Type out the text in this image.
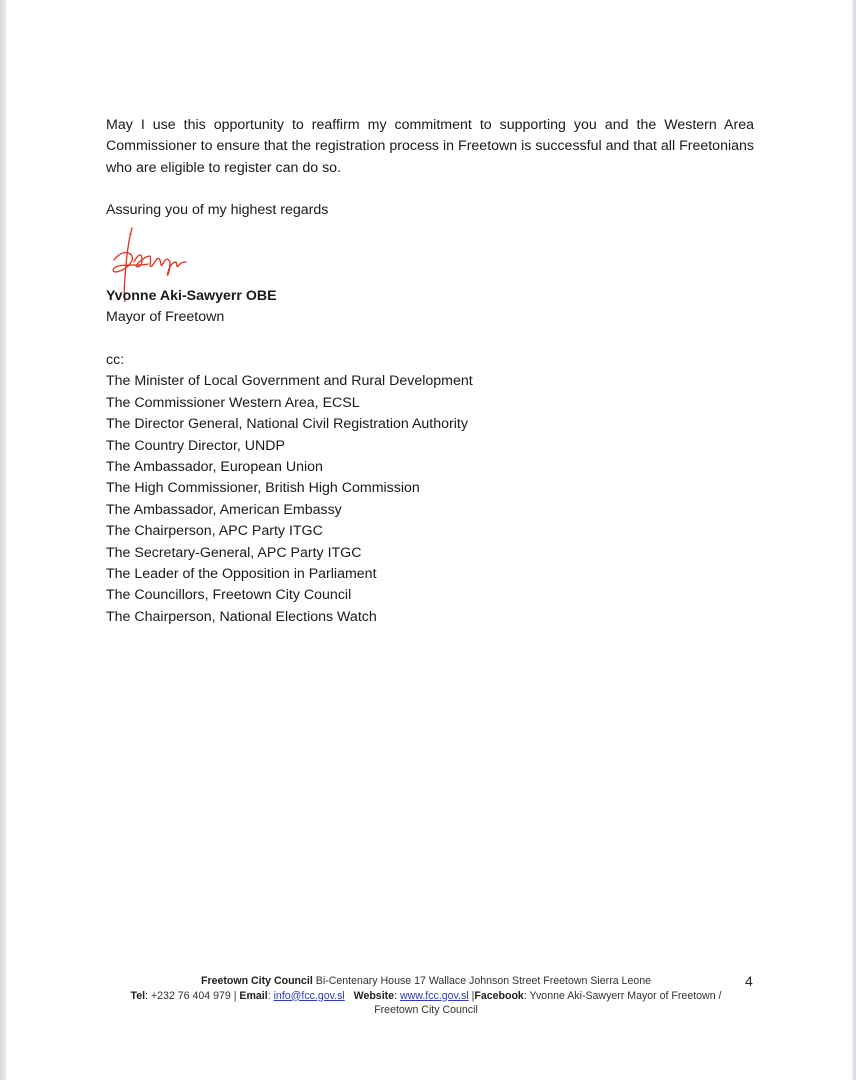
May I use this opportunity to reaffirm my commitment to supporting you and the Western Area Commissioner to ensure that the registration process in Freetown is successful and that all Freetonians who are eligible to register can do so.

Assuring you of my highest regards
Yvonne Aki-Sawyerr OBE
Mayor of Freetown
cc:
The Minister of Local Government and Rural Development
The Commissioner Western Area, ECSL
The Director General, National Civil Registration Authority
The Country Director, UNDP
The Ambassador, European Union
The High Commissioner, British High Commission
The Ambassador, American Embassy
The Chairperson, APC Party ITGC
The Secretary-General, APC Party ITGC
The Leader of the Opposition in Parliament
The Councillors, Freetown City Council
The Chairperson, National Elections Watch
Freetown City Council Bi-Centenary House 17 Wallace Johnson Street Freetown Sierra Leone
Tel: +232 76 404 979 | Email: info@fcc.gov.sl Website: www.fcc.gov.sl |Facebook: Yvonne Aki-Sawyerr Mayor of Freetown /
Freetown City Council
4
